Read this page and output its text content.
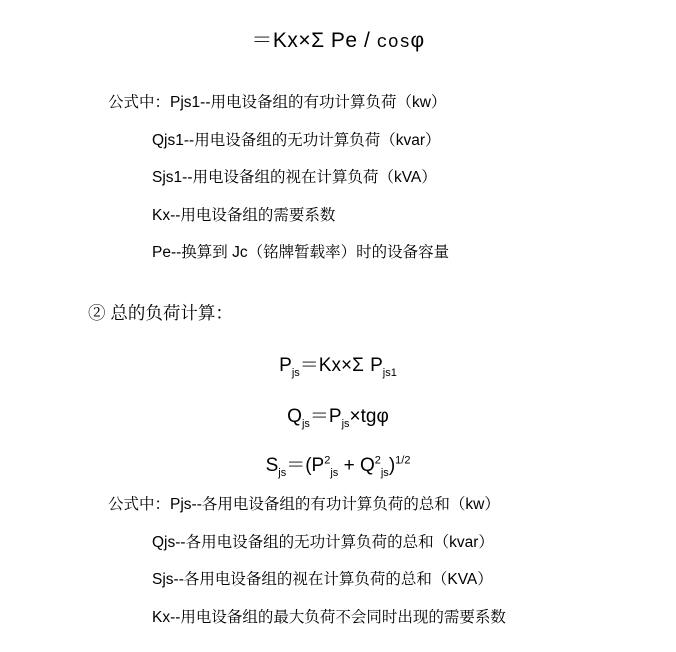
＝Kx×Σ Pe / cosφ
公式中：Pjs1--用电设备组的有功计算负荷（kw）
Qjs1--用电设备组的无功计算负荷（kvar）
Sjs1--用电设备组的视在计算负荷（kVA）
Kx--用电设备组的需要系数
Pe--换算到 Jc（铭牌暂载率）时的设备容量
② 总的负荷计算：
$P_{js}=Kx\times\Sigma$ $P_{js1}$
$Q_{js}=P_{js}\times tg\varphi$
$S_{js}=(P^2_{js} + Q^2_{js})^{1/2}$
公式中：Pjs--各用电设备组的有功计算负荷的总和（kw）
Qjs--各用电设备组的无功计算负荷的总和（kvar）
Sjs--各用电设备组的视在计算负荷的总和（KVA）
Kx--用电设备组的最大负荷不会同时出现的需要系数
